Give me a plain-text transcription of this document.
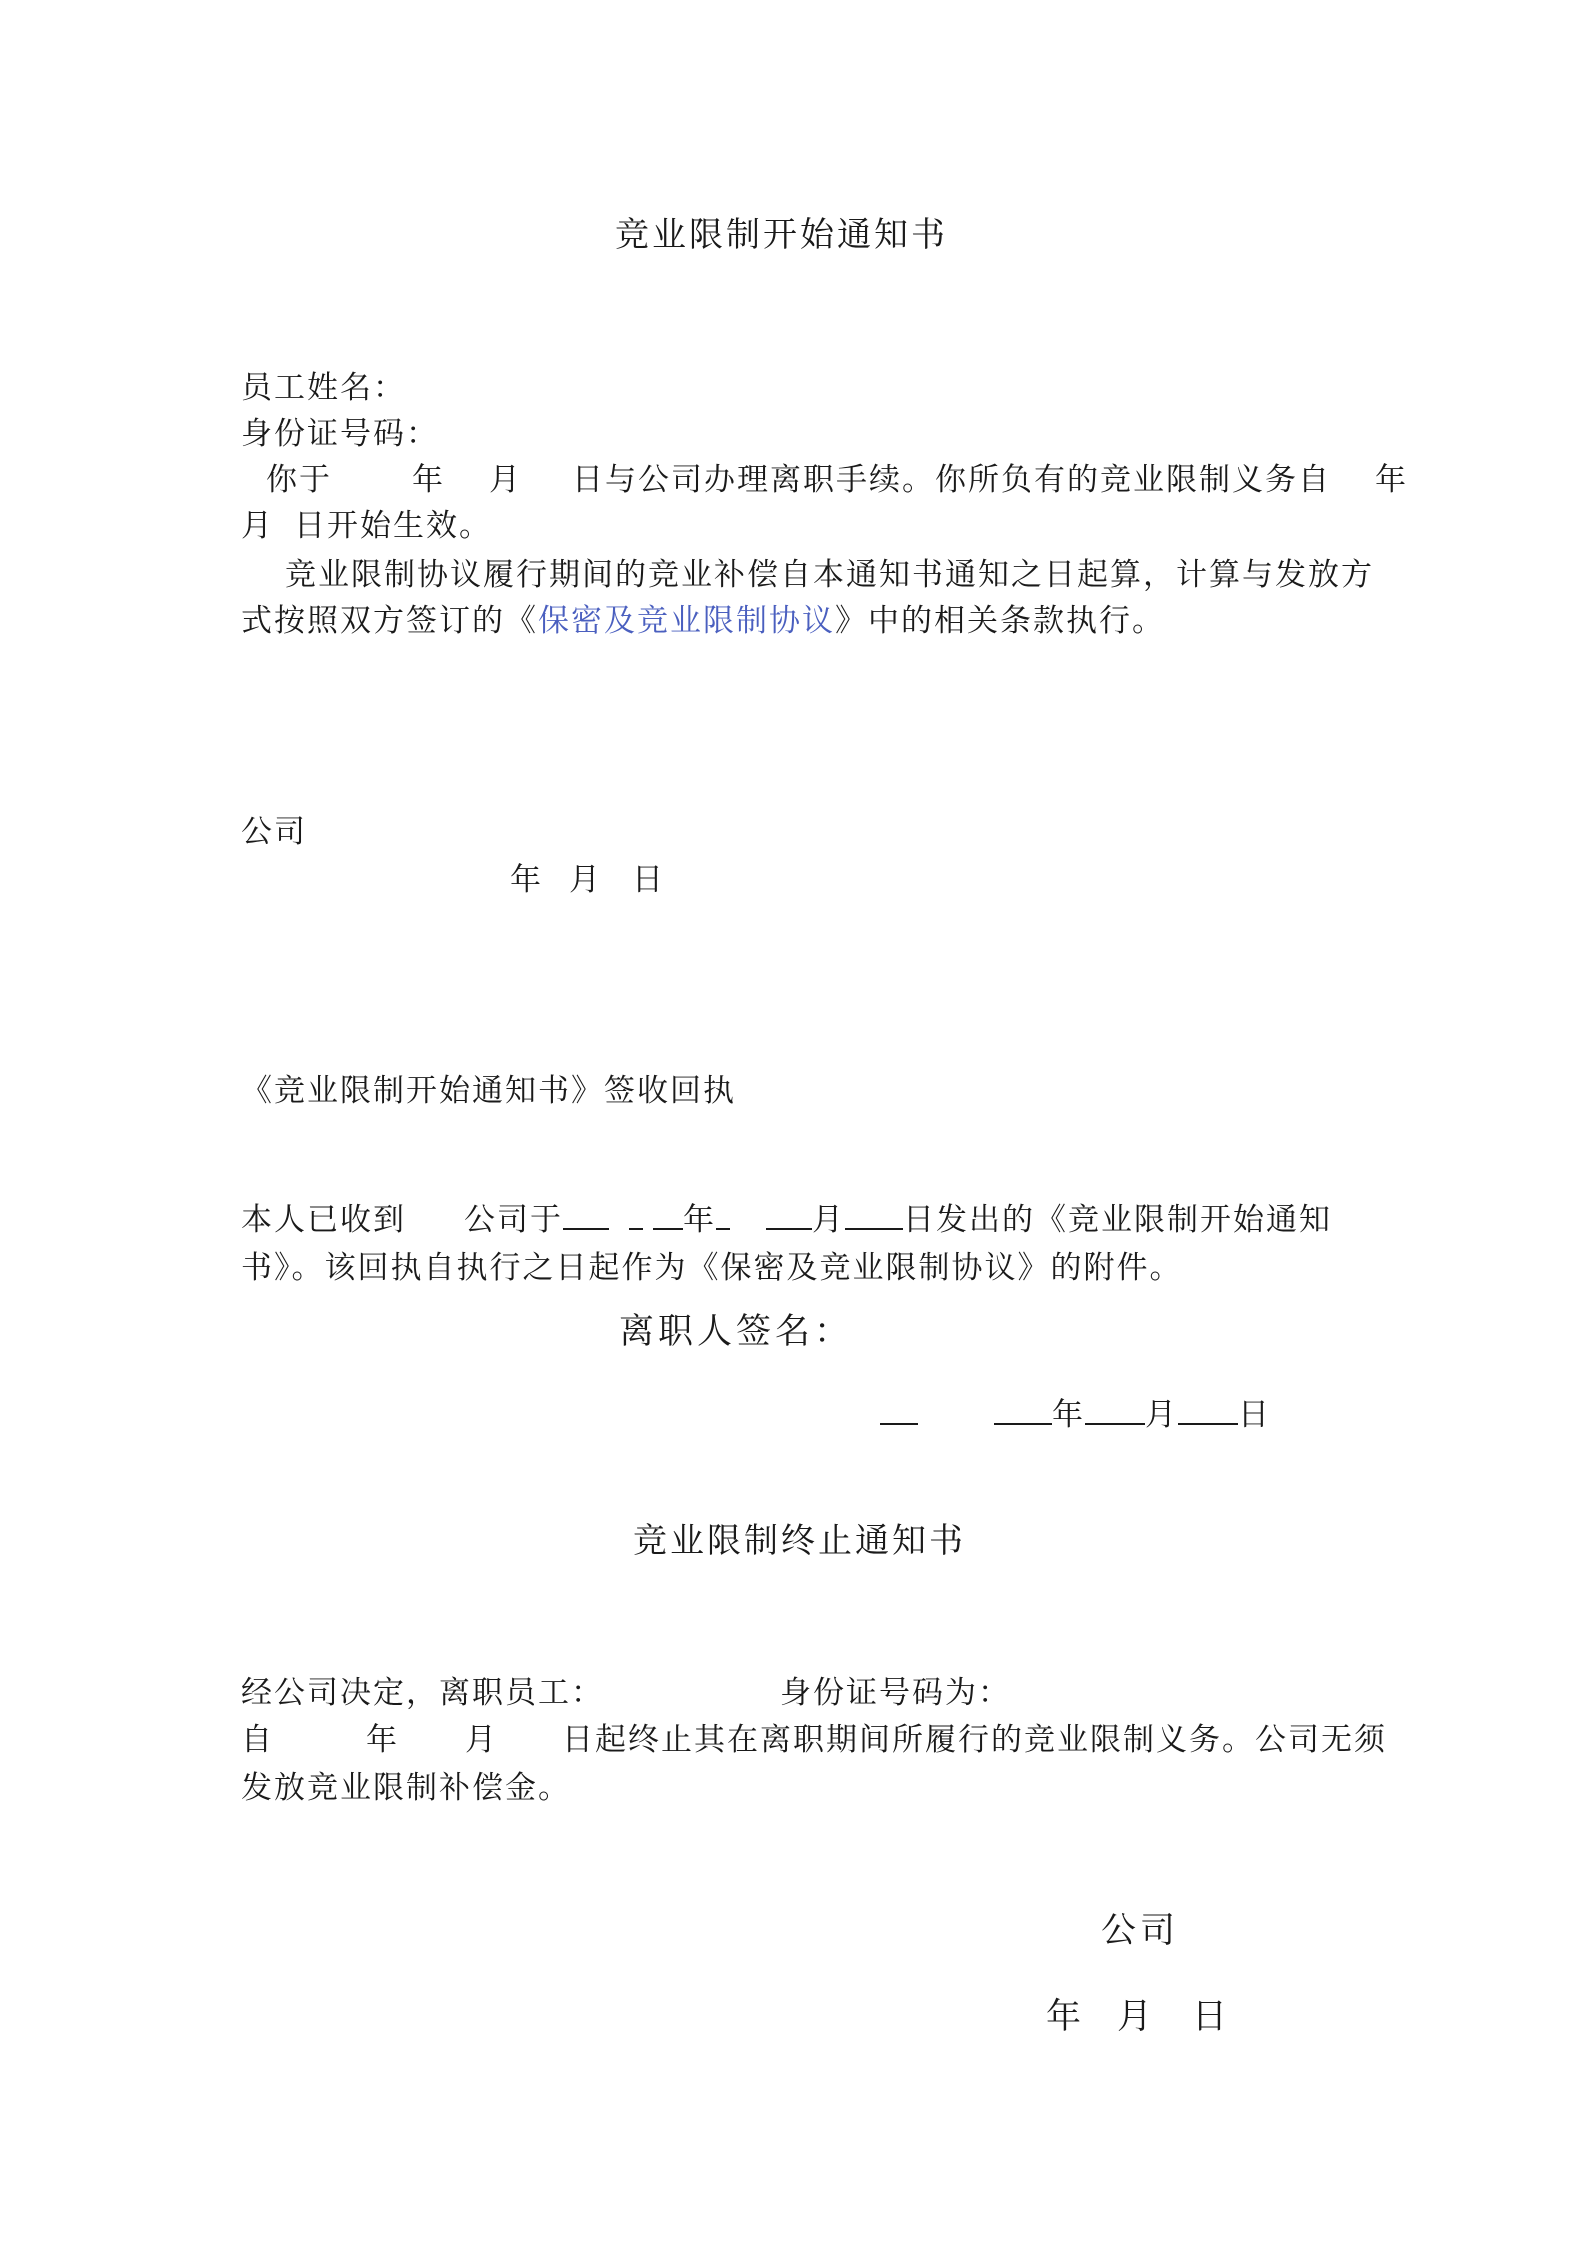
竞业限制开始通知书
员工姓名：
身份证号码：
你于	年 月 日与公司办理离职手续。你所负有的竞业限制义务自 年
月 日开始生效。
竞业限制协议履行期间的竞业补偿自本通知书通知之日起算，计算与发放方
式按照双方签订的《保密及竞业限制协议》中的相关条款执行。
公司
年 月 日
《竞业限制开始通知书》签收回执
本人已收到 公司于	年	月 日发出的《竞业限制开始通知
书》。该回执自执行之日起作为《保密及竞业限制协议》的附件。
离职人签名：
年 月 日
竞业限制终止通知书
经公司决定，离职员工：	身份证号码为：
自	年 月 日起终止其在离职期间所履行的竞业限制义务。公司无须
发放竞业限制补偿金。
公司
年 月 日
